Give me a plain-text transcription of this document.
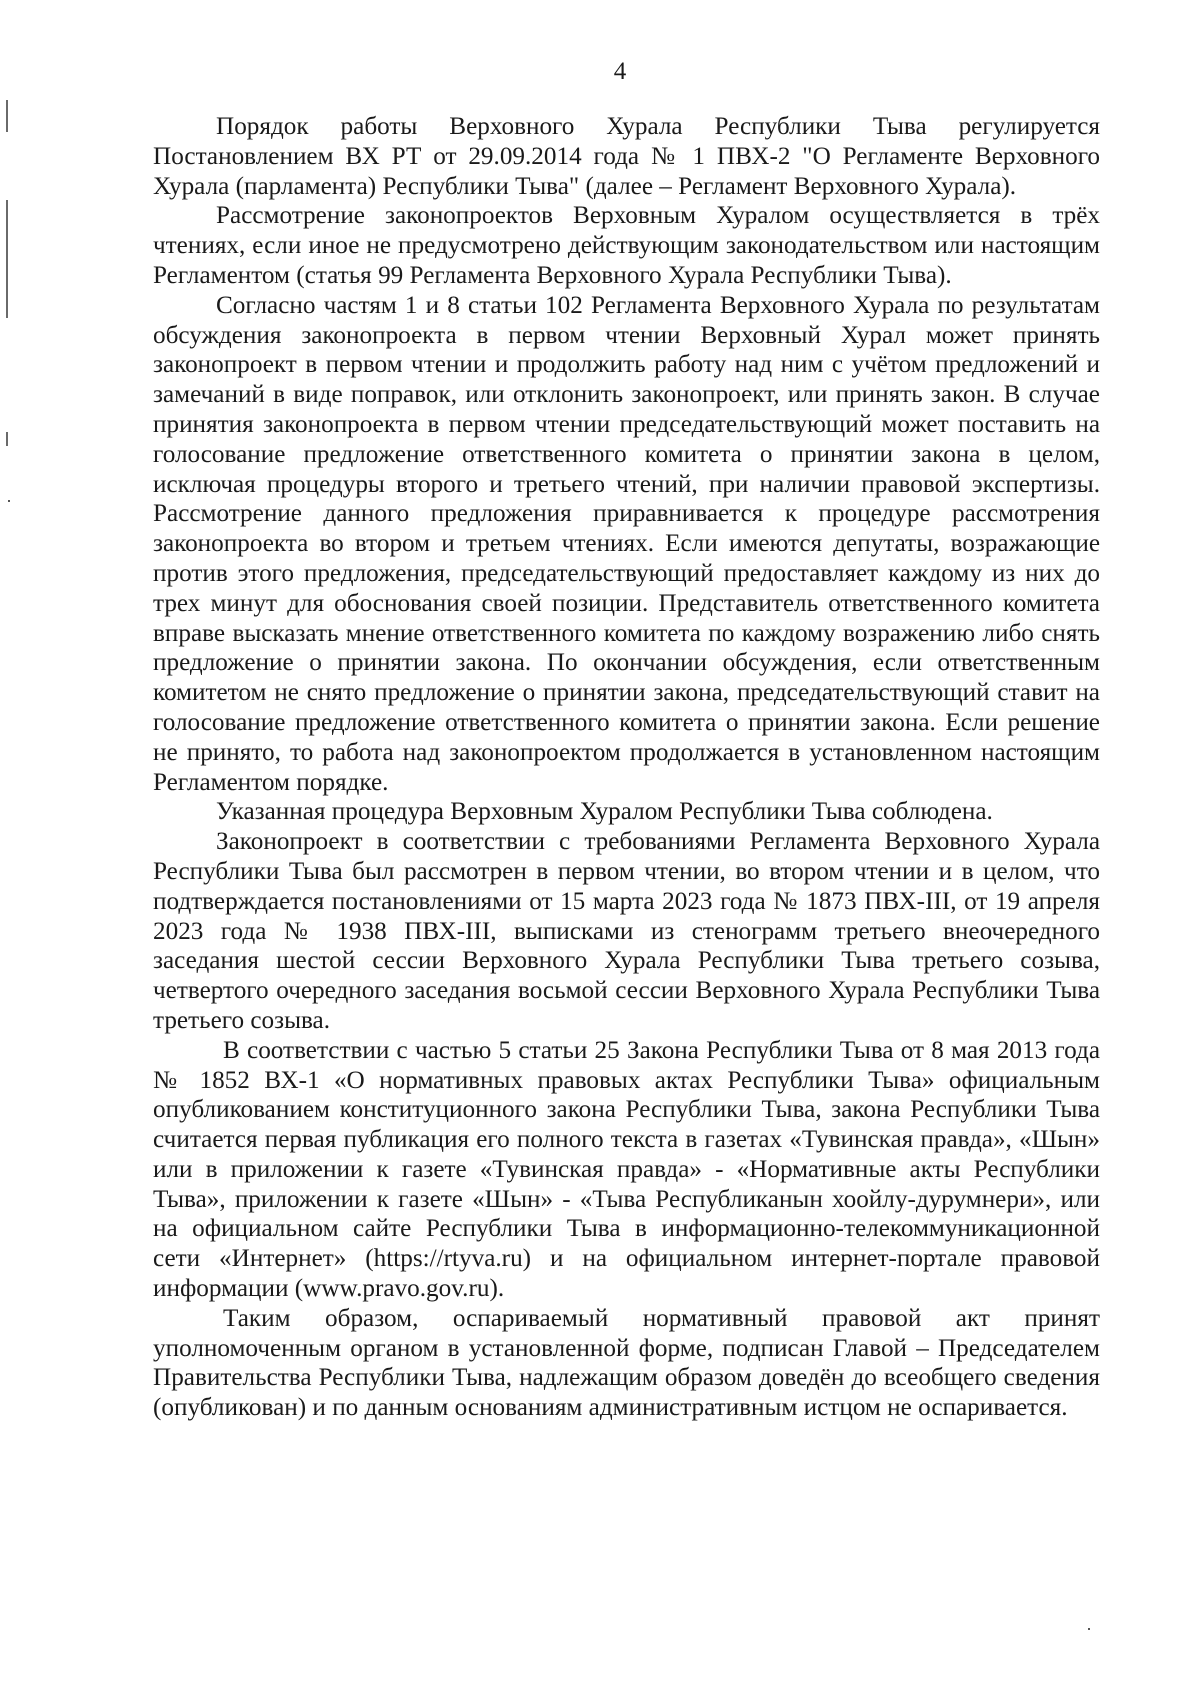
4

Порядок работы Верховного Хурала Республики Тыва регулируется Постановлением ВХ РТ от 29.09.2014 года № 1 ПВХ-2 "О Регламенте Верховного Хурала (парламента) Республики Тыва" (далее – Регламент Верховного Хурала).

Рассмотрение законопроектов Верховным Хуралом осуществляется в трёх чтениях, если иное не предусмотрено действующим законодательством или настоящим Регламентом (статья 99 Регламента Верховного Хурала Республики Тыва).

Согласно частям 1 и 8 статьи 102 Регламента Верховного Хурала по результатам обсуждения законопроекта в первом чтении Верховный Хурал может принять законопроект в первом чтении и продолжить работу над ним с учётом предложений и замечаний в виде поправок, или отклонить законопроект, или принять закон. В случае принятия законопроекта в первом чтении председательствующий может поставить на голосование предложение ответственного комитета о принятии закона в целом, исключая процедуры второго и третьего чтений, при наличии правовой экспертизы. Рассмотрение данного предложения приравнивается к процедуре рассмотрения законопроекта во втором и третьем чтениях. Если имеются депутаты, возражающие против этого предложения, председательствующий предоставляет каждому из них до трех минут для обоснования своей позиции. Представитель ответственного комитета вправе высказать мнение ответственного комитета по каждому возражению либо снять предложение о принятии закона. По окончании обсуждения, если ответственным комитетом не снято предложение о принятии закона, председательствующий ставит на голосование предложение ответственного комитета о принятии закона. Если решение не принято, то работа над законопроектом продолжается в установленном настоящим Регламентом порядке.

Указанная процедура Верховным Хуралом Республики Тыва соблюдена.

Законопроект в соответствии с требованиями Регламента Верховного Хурала Республики Тыва был рассмотрен в первом чтении, во втором чтении и в целом, что подтверждается постановлениями от 15 марта 2023 года № 1873 ПВХ-III, от 19 апреля 2023 года № 1938 ПВХ-III, выписками из стенограмм третьего внеочередного заседания шестой сессии Верховного Хурала Республики Тыва третьего созыва, четвертого очередного заседания восьмой сессии Верховного Хурала Республики Тыва третьего созыва.

В соответствии с частью 5 статьи 25 Закона Республики Тыва от 8 мая 2013 года № 1852 ВХ-1 «О нормативных правовых актах Республики Тыва» официальным опубликованием конституционного закона Республики Тыва, закона Республики Тыва считается первая публикация его полного текста в газетах «Тувинская правда», «Шын» или в приложении к газете «Тувинская правда» - «Нормативные акты Республики Тыва», приложении к газете «Шын» - «Тыва Республиканын хоойлу-дурумнери», или на официальном сайте Республики Тыва в информационно-телекоммуникационной сети «Интернет» (https://rtyva.ru) и на официальном интернет-портале правовой информации (www.pravo.gov.ru).

Таким образом, оспариваемый нормативный правовой акт принят уполномоченным органом в установленной форме, подписан Главой – Председателем Правительства Республики Тыва, надлежащим образом доведён до всеобщего сведения (опубликован) и по данным основаниям административным истцом не оспаривается.
